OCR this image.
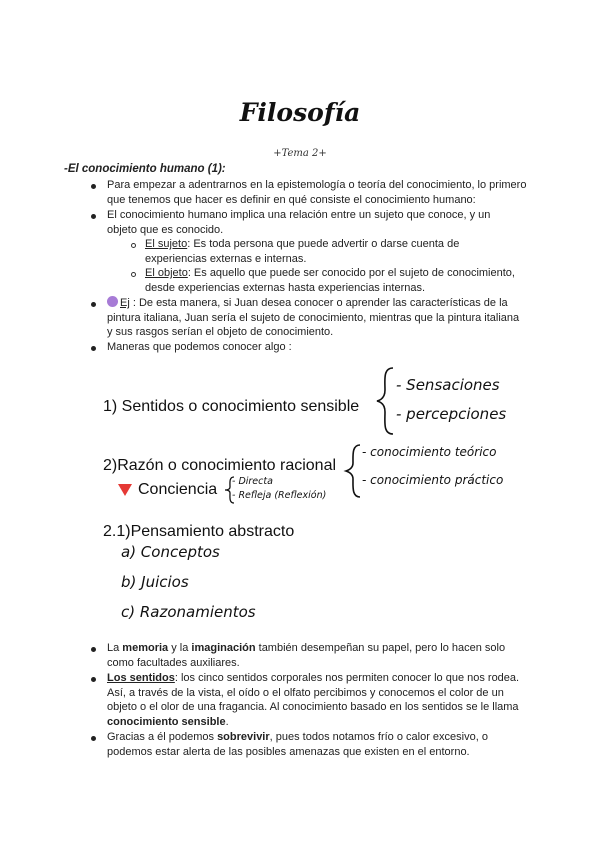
Filosofía
+Tema 2+
-El conocimiento humano (1):

Para empezar a adentrarnos en la epistemología o teoría del conocimiento, lo primero que tenemos que hacer es definir en qué consiste el conocimiento humano:

El conocimiento humano implica una relación entre un sujeto que conoce, y un objeto que es conocido.

El sujeto: Es toda persona que puede advertir o darse cuenta de experiencias externas e internas.

El objeto: Es aquello que puede ser conocido por el sujeto de conocimiento, desde experiencias externas hasta experiencias internas.

Ej : De esta manera, si Juan desea conocer o aprender las características de la pintura italiana, Juan sería el sujeto de conocimiento, mientras que la pintura italiana y sus rasgos serían el objeto de conocimiento.

Maneras que podemos conocer algo :

1) Sentidos o conocimiento sensible
- Sensaciones
- percepciones
2)Razón o conocimiento racional
- conocimiento teórico
- conocimiento práctico
Conciencia - Directa
- Refleja (Reflexión)
2.1)Pensamiento abstracto
a) Conceptos
b) Juicios
c) Razonamientos

La memoria y la imaginación también desempeñan su papel, pero lo hacen solo como facultades auxiliares.

Los sentidos: los cinco sentidos corporales nos permiten conocer lo que nos rodea. Así, a través de la vista, el oído o el olfato percibimos y conocemos el color de un objeto o el olor de una fragancia. Al conocimiento basado en los sentidos se le llama conocimiento sensible.

Gracias a él podemos sobrevivir, pues todos notamos frío o calor excesivo, o podemos estar alerta de las posibles amenazas que existen en el entorno.
